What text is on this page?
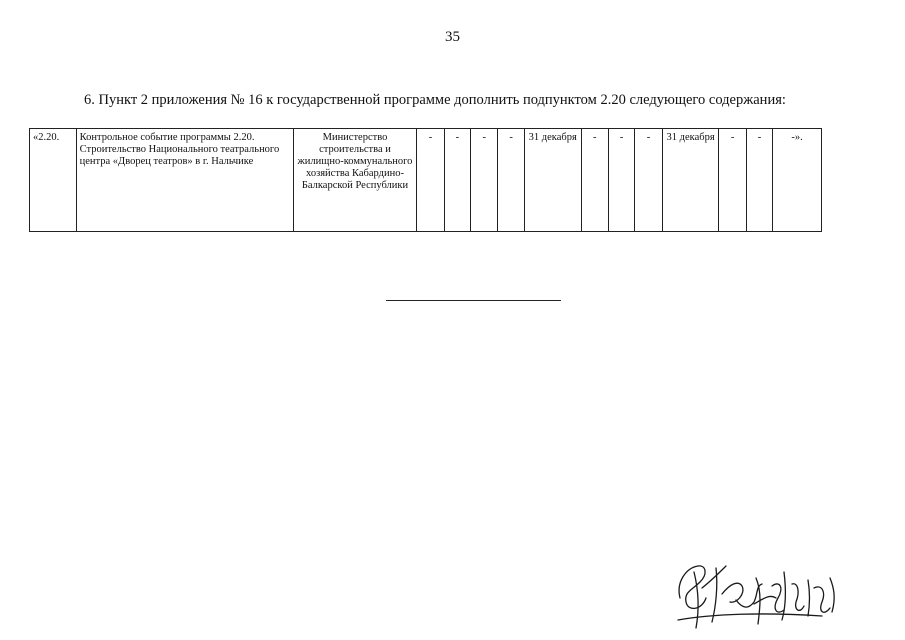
35
6. Пункт 2 приложения № 16 к государственной программе дополнить подпунктом 2.20 следующего содержания:
«2.20.	Контрольное событие программы 2.20. Строительство Национального театрального центра «Дворец театров» в г. Нальчике	Министерство строительства и жилищно-коммунального хозяйства Кабардино-Балкарской Республики	-	-	-	-	31 декабря	-	-	-	31 декабря	-	-	-».
